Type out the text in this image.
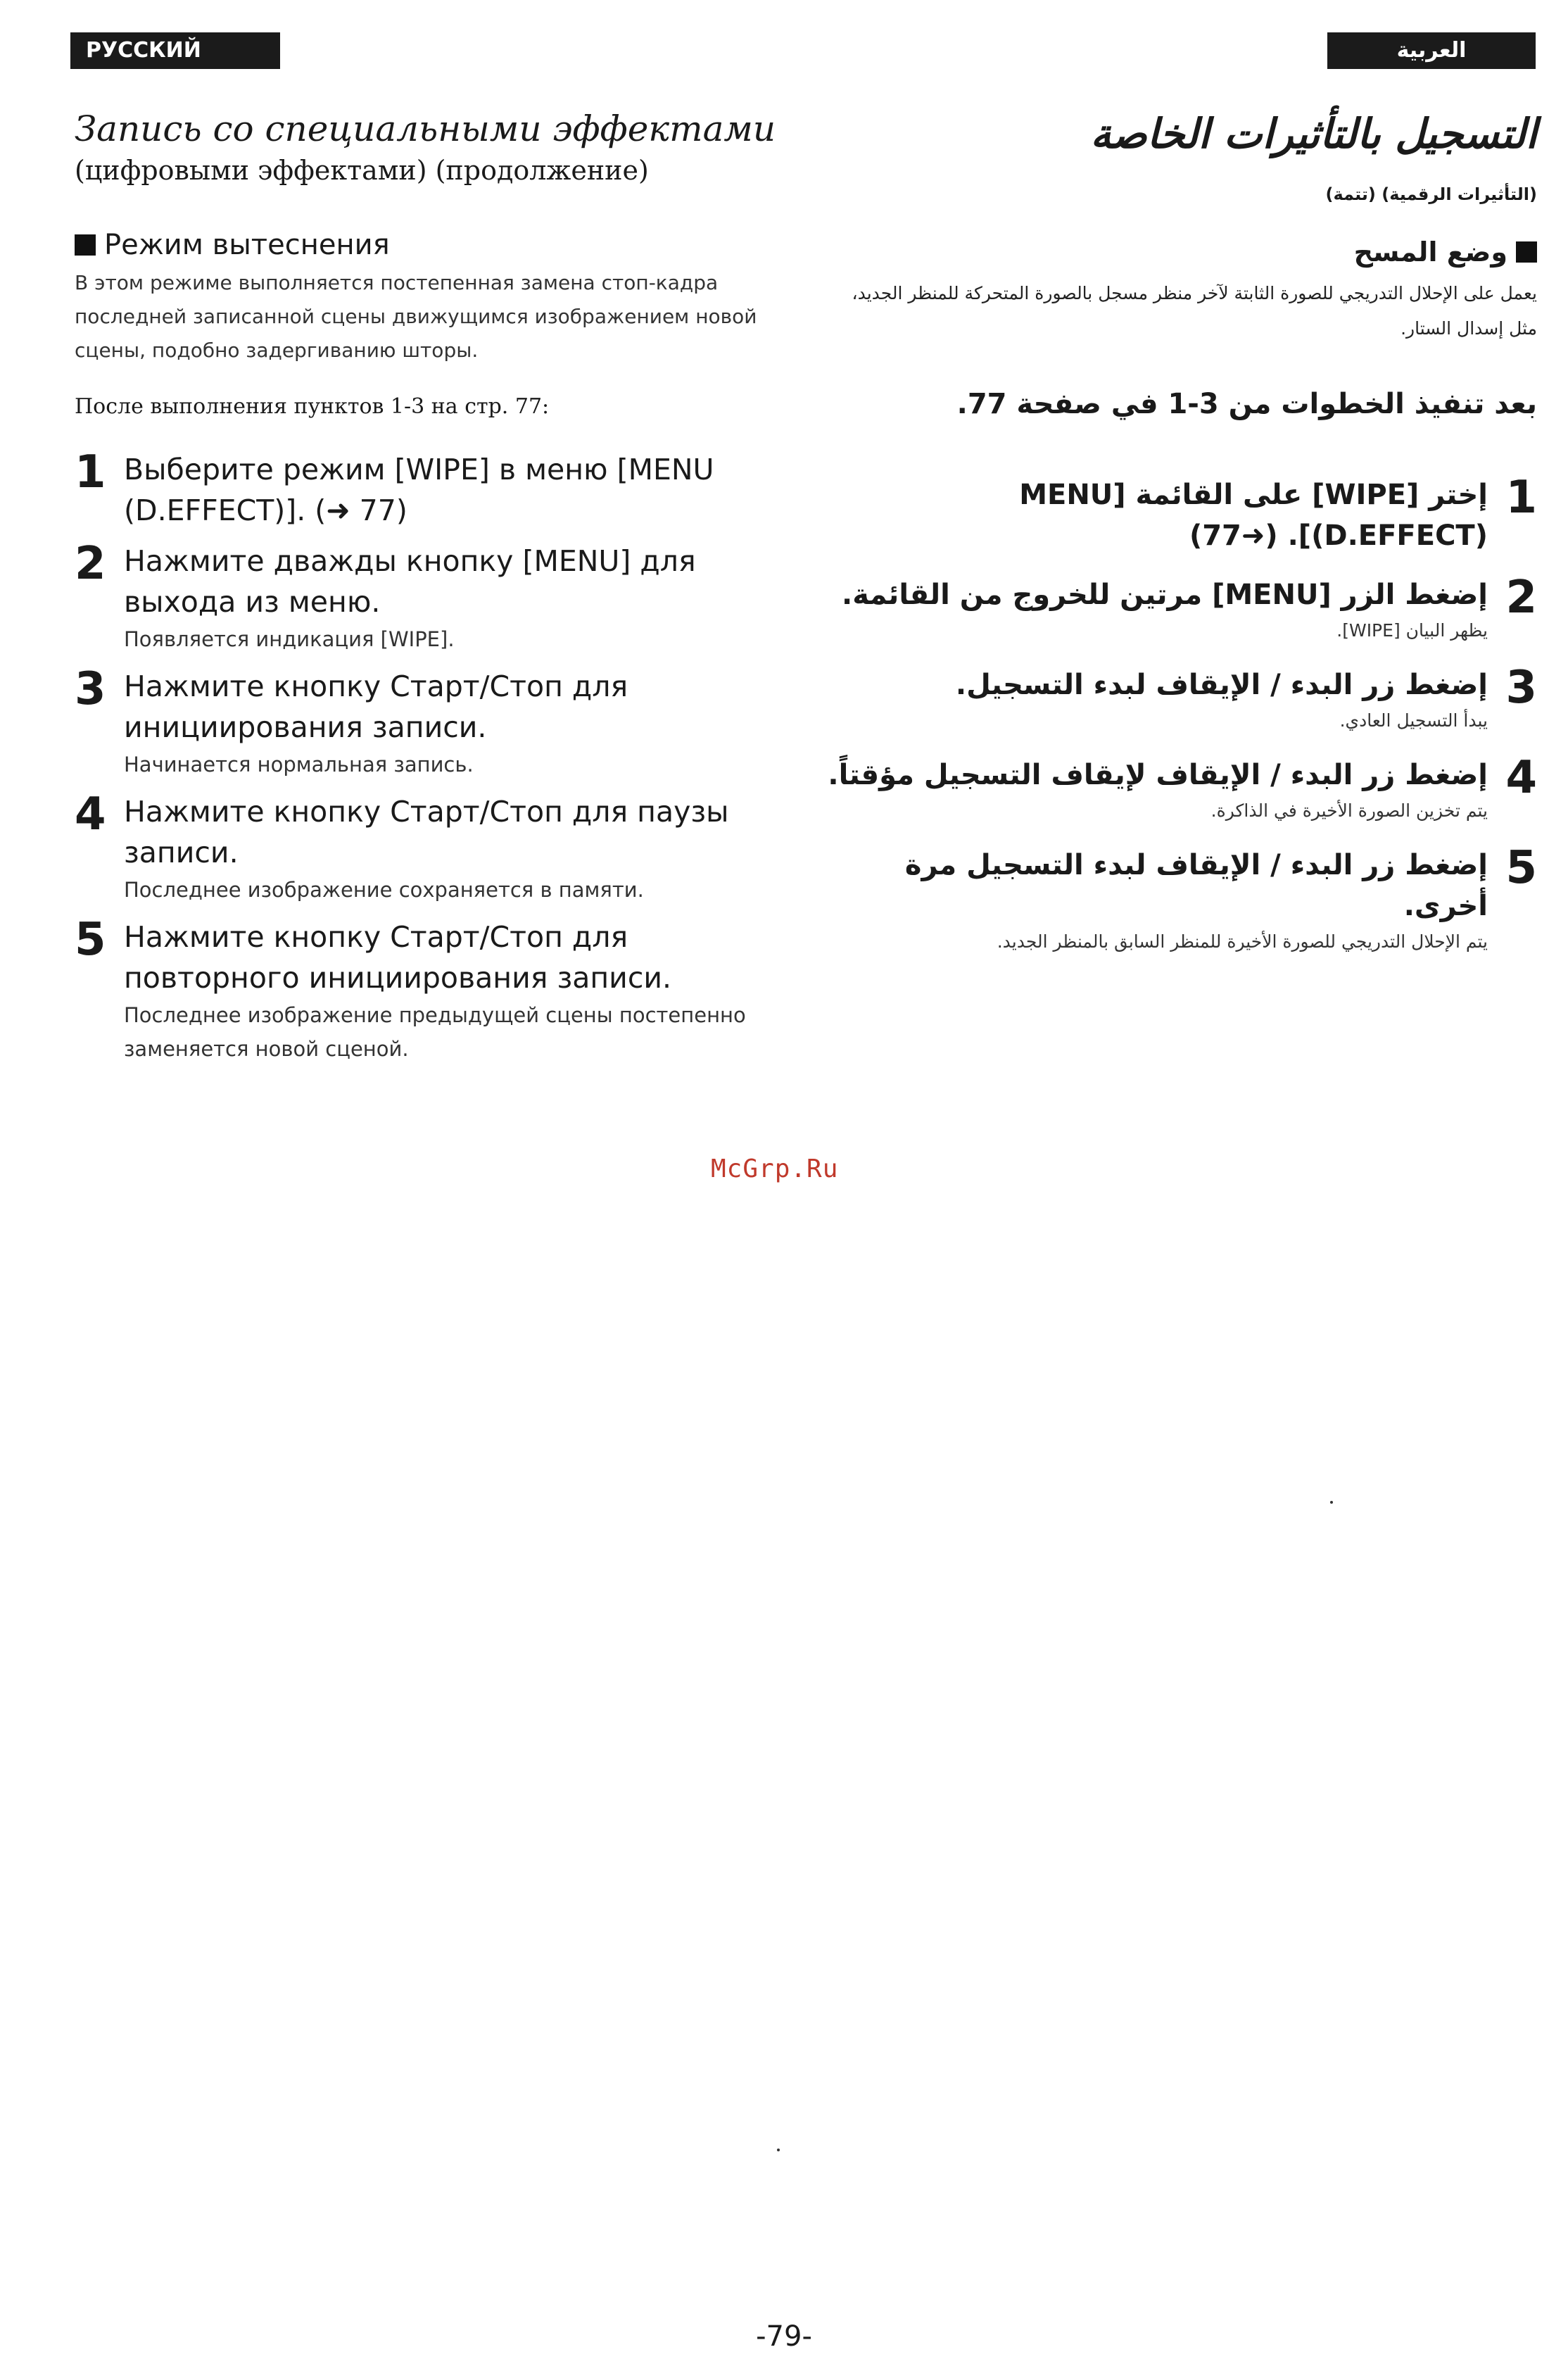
РУССКИЙ ЯЗЫК
العربية
Запись со специальными эффектами

(цифровыми эффектами) (продолжение)

Режим вытеснения

В этом режиме выполняется постепенная замена стоп-кадра последней записанной сцены движущимся изображением новой сцены, подобно задергиванию шторы.

После выполнения пунктов 1-3 на стр. 77:

1 Выберите режим [WIPE] в меню [MENU (D.EFFECT)]. (➜ 77)
2 Нажмите дважды кнопку [MENU] для выхода из меню.
Появляется индикация [WIPE].
3 Нажмите кнопку Старт/Стоп для инициирования записи.
Начинается нормальная запись.
4 Нажмите кнопку Старт/Стоп для паузы записи.
Последнее изображение сохраняется в памяти.
5 Нажмите кнопку Старт/Стоп для повторного инициирования записи.
Последнее изображение предыдущей сцены постепенно заменяется новой сценой.
التسجيل بالتأثيرات الخاصة
(التأثيرات الرقمية) (تتمة)
وضع المسح
يعمل على الإحلال التدريجي للصورة الثابتة لآخر منظر مسجل بالصورة المتحركة للمنظر الجديد، مثل إسدال الستار.
بعد تنفيذ الخطوات من 3-1 في صفحة 77.
1
إختر [WIPE] على القائمة [MENU (D.EFFECT)]. (➜77)
2
إضغط الزر [MENU] مرتين للخروج من القائمة.
يظهر البيان [WIPE].
3
إضغط زر البدء / الإيقاف لبدء التسجيل.
يبدأ التسجيل العادي.
4
إضغط زر البدء / الإيقاف لإيقاف التسجيل مؤقتاً.
يتم تخزين الصورة الأخيرة في الذاكرة.
5
إضغط زر البدء / الإيقاف لبدء التسجيل مرة أخرى.
يتم الإحلال التدريجي للصورة الأخيرة للمنظر السابق بالمنظر الجديد.
McGrp.Ru
-79-
